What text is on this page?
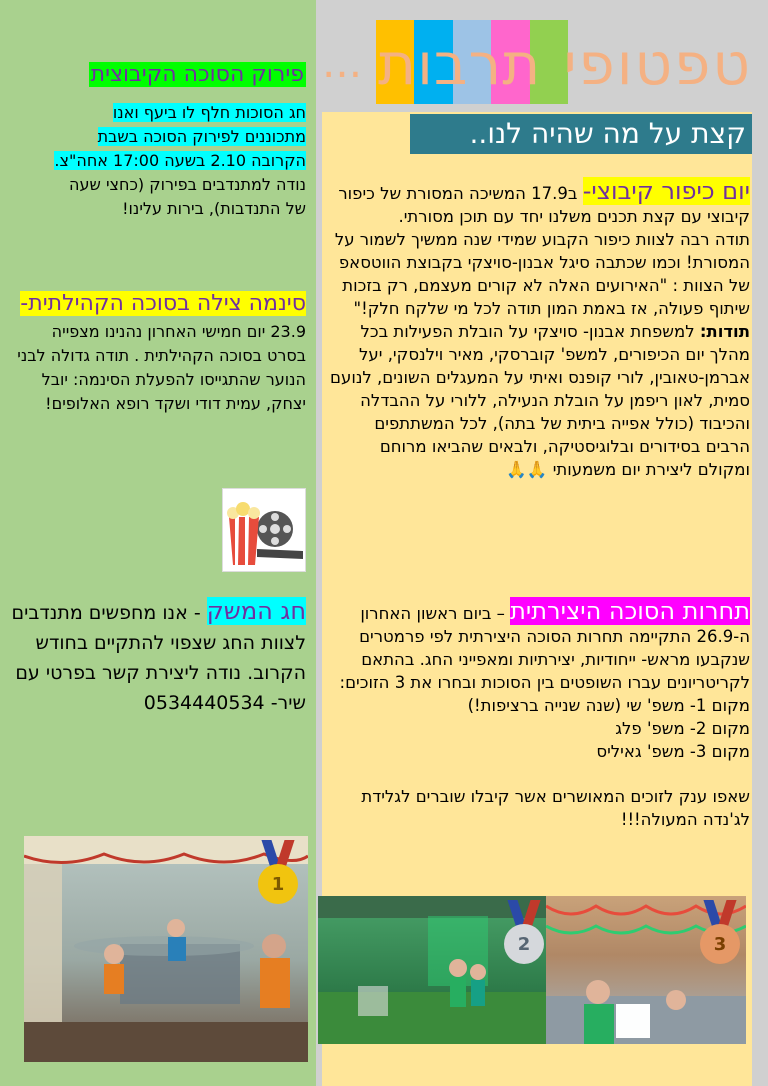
טפטופי
תרבות
...
קצת על מה שהיה לנו..
יום כיפור קיבוצי- ב17.9 המשיכה המסורת של כיפור קיבוצי עם קצת תכנים משלנו יחד עם תוכן מסורתי.
תודה רבה לצוות כיפור הקבוע שמידי שנה ממשיך לשמור על המסורת! וכמו שכתבה סיגל אבנון-סויצקי בקבוצת הווטסאפ של הצוות : "האירועים האלה לא קורים מעצמם, רק בזכות שיתוף פעולה, אז באמת המון תודה לכל מי שלקח חלק!"
תודות: למשפחת אבנון- סויצקי על הובלת הפעילות בכל מהלך יום הכיפורים, למשפ' קוברסקי, מאיר וילנסקי, יעל אברמן-טאובין, לורי קופנס ואיתי על המעגלים השונים, לנועם סמית, לאון ריפמן על הובלת הנעילה, ללורי על ההבדלה והכיבוד (כולל אפייה ביתית של בתה), לכל המשתתפים הרבים בסידורים ובלוגיסטיקה, ולבאים שהביאו מרוחם ומקולם ליצירת יום משמעותי 🙏🙏
תחרות הסוכה היצירתית – ביום ראשון האחרון ה-26.9 התקיימה תחרות הסוכה היצירתית לפי פרמטרים שנקבעו מראש- ייחודיות, יצירתיות ומאפייני החג. בהתאם לקריטריונים עברו השופטים בין הסוכות ובחרו את 3 הזוכים:
מקום 1- משפ' שי (שנה שנייה ברציפות!)
מקום 2- משפ' פלג
מקום 3- משפ' גאיליס
שאפו ענק לזוכים המאושרים אשר קיבלו שוברים לגלידת לג'נדה המעולה!!!
פירוק הסוכה הקיבוצית
חג הסוכות חלף לו ביעף ואנו
מתכוננים לפירוק הסוכה בשבת
הקרובה 2.10 בשעה 17:00 אחה"צ.
נודה למתנדבים בפירוק (כחצי שעה של התנדבות), בירות עלינו!
סינמה צילה בסוכה הקהילתית- 23.9 יום חמישי האחרון נהנינו מצפייה בסרט בסוכה הקהילתית . תודה גדולה לבני הנוער שהתגייסו להפעלת הסינמה: יובל יצחק, עמית דודי ושקד רופא האלופים!
חג המשק - אנו מחפשים מתנדבים לצוות החג שצפוי להתקיים בחודש הקרוב. נודה ליצירת קשר בפרטי עם שיר- 0534440534
1
2	3
